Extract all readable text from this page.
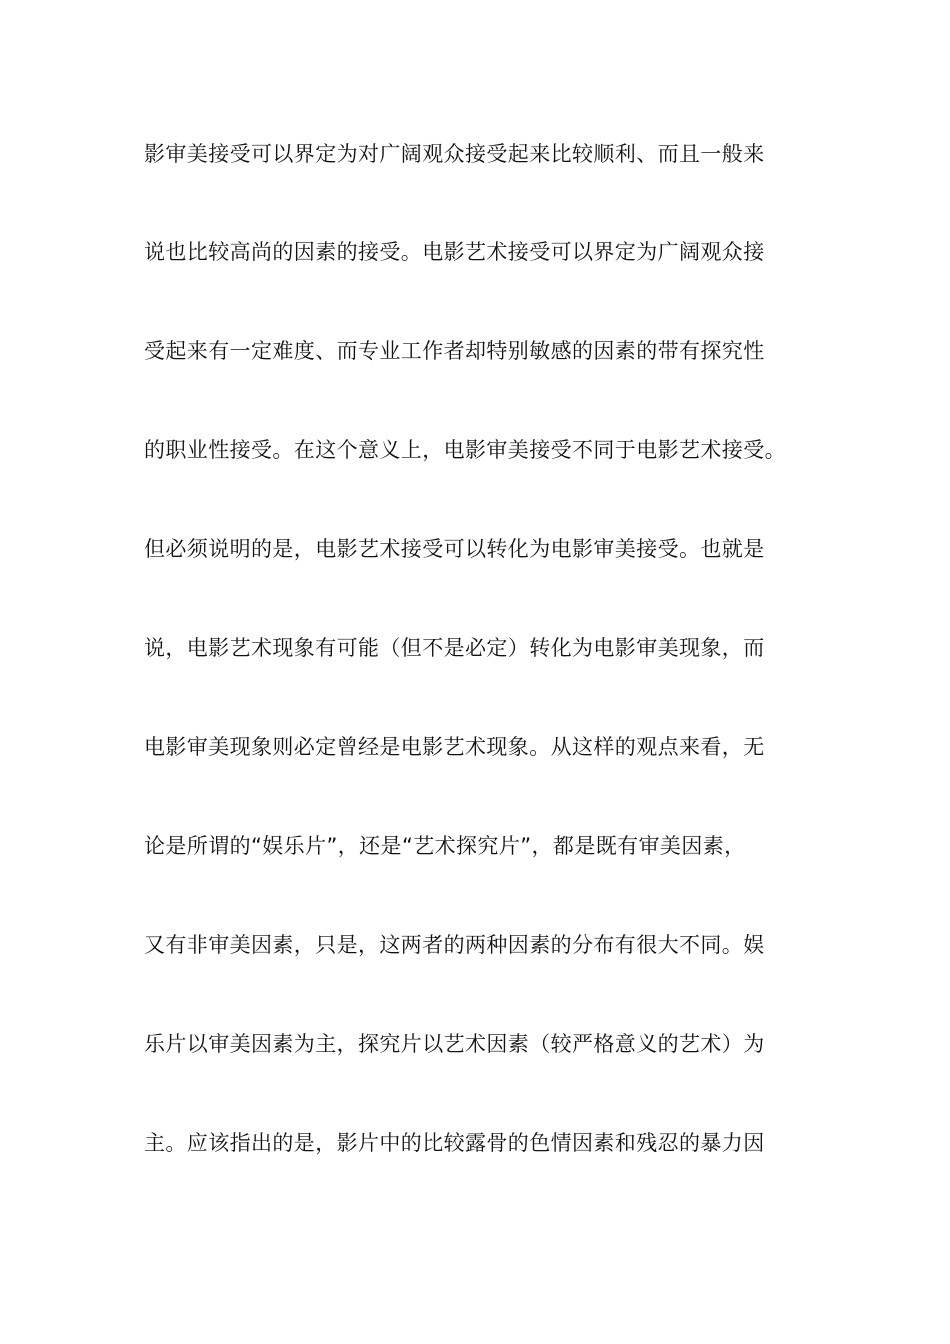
影审美接受可以界定为对广阔观众接受起来比较顺利、而且一般来
说也比较高尚的因素的接受。电影艺术接受可以界定为广阔观众接
受起来有一定难度、而专业工作者却特别敏感的因素的带有探究性
的职业性接受。在这个意义上，电影审美接受不同于电影艺术接受。
但必须说明的是，电影艺术接受可以转化为电影审美接受。也就是
说，电影艺术现象有可能（但不是必定）转化为电影审美现象，而
电影审美现象则必定曾经是电影艺术现象。从这样的观点来看，无
论是所谓的“娱乐片”，还是“艺术探究片”，都是既有审美因素，
又有非审美因素，只是，这两者的两种因素的分布有很大不同。娱
乐片以审美因素为主，探究片以艺术因素（较严格意义的艺术）为
主。应该指出的是，影片中的比较露骨的色情因素和残忍的暴力因
